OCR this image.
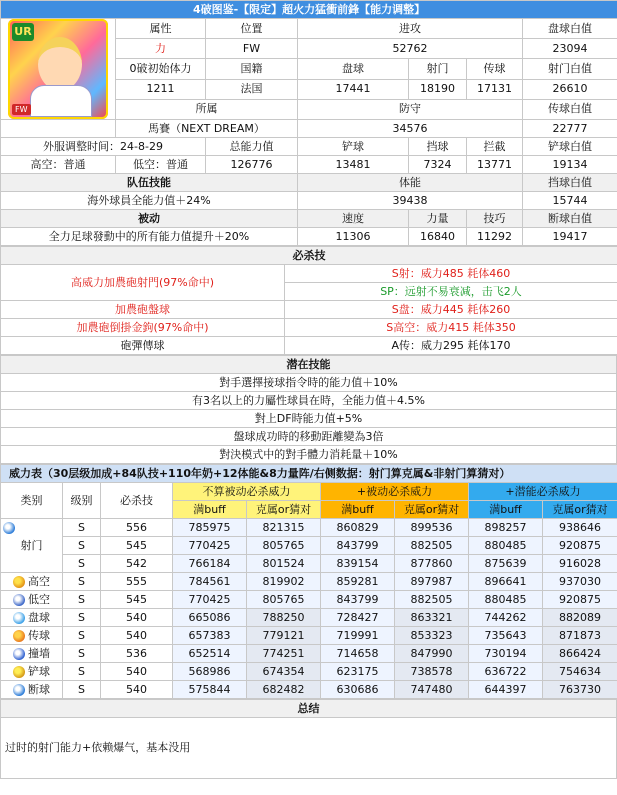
4破图鉴-【限定】超火力猛衝前鋒【能力调整】						

UR
FW	属性	位置	进攻			盘球白值
	力	FW	52762			23094
	0破初始体力	国籍	盘球	射门	传球	射门白值
	1211	法国	17441	18190	17131	26610
	所属		防守			传球白值
	馬賽（NEXT DREAM）		34576			22777
外服调整时间：24-8-29		总能力值	铲球	挡球	拦截	铲球白值
高空：普通	低空：普通	126776	13481	7324	13771	19134
队伍技能			体能			挡球白值
海外球員全能力值＋24%			39438			15744
被动			速度	力量	技巧	断球白值
全力足球發動中的所有能力值提升＋20%			11306	16840	11292	19417
必杀技	
高威力加農砲射門(97%命中)	S射：威力485 耗体460
	SP：远射不易衰减，击飞2人
加農砲盤球	S盘：威力445 耗体260
加農砲倒掛金鉤(97%命中)	S高空：威力415 耗体350
砲彈傳球	A传：威力295 耗体170
潜在技能
對手選擇接球指令時的能力值＋10%
有3名以上的力屬性球員在時，全能力值＋4.5%
對上DF時能力值+5%
盤球成功時的移動距離變為3倍
對決模式中的對手體力消耗量＋10%
威力表（30层级加成+84队技+110年奶+12体能&8力量阵/右侧数据：射门算克属&非射门算猜对）								
类别	级别	必杀技	不算被动必杀威力		+被动必杀威力		+潜能必杀威力	
			满buff	克属or猜对	满buff	克属or猜对	满buff	克属or猜对

射门	S	556	785975	821315	860829	899536	898257	938646
	S	545	770425	805765	843799	882505	880485	920875
	S	542	766184	801524	839154	877860	875639	916028
高空	S	555	784561	819902	859281	897987	896641	937030
低空	S	545	770425	805765	843799	882505	880485	920875
盘球	S	540	665086	788250	728427	863321	744262	882089
传球	S	540	657383	779121	719991	853323	735643	871873
撞墙	S	536	652514	774251	714658	847990	730194	866424
铲球	S	540	568986	674354	623175	738578	636722	754634
断球	S	540	575844	682482	630686	747480	644397	763730
总结
过时的射门能力+依赖爆气，基本没用
